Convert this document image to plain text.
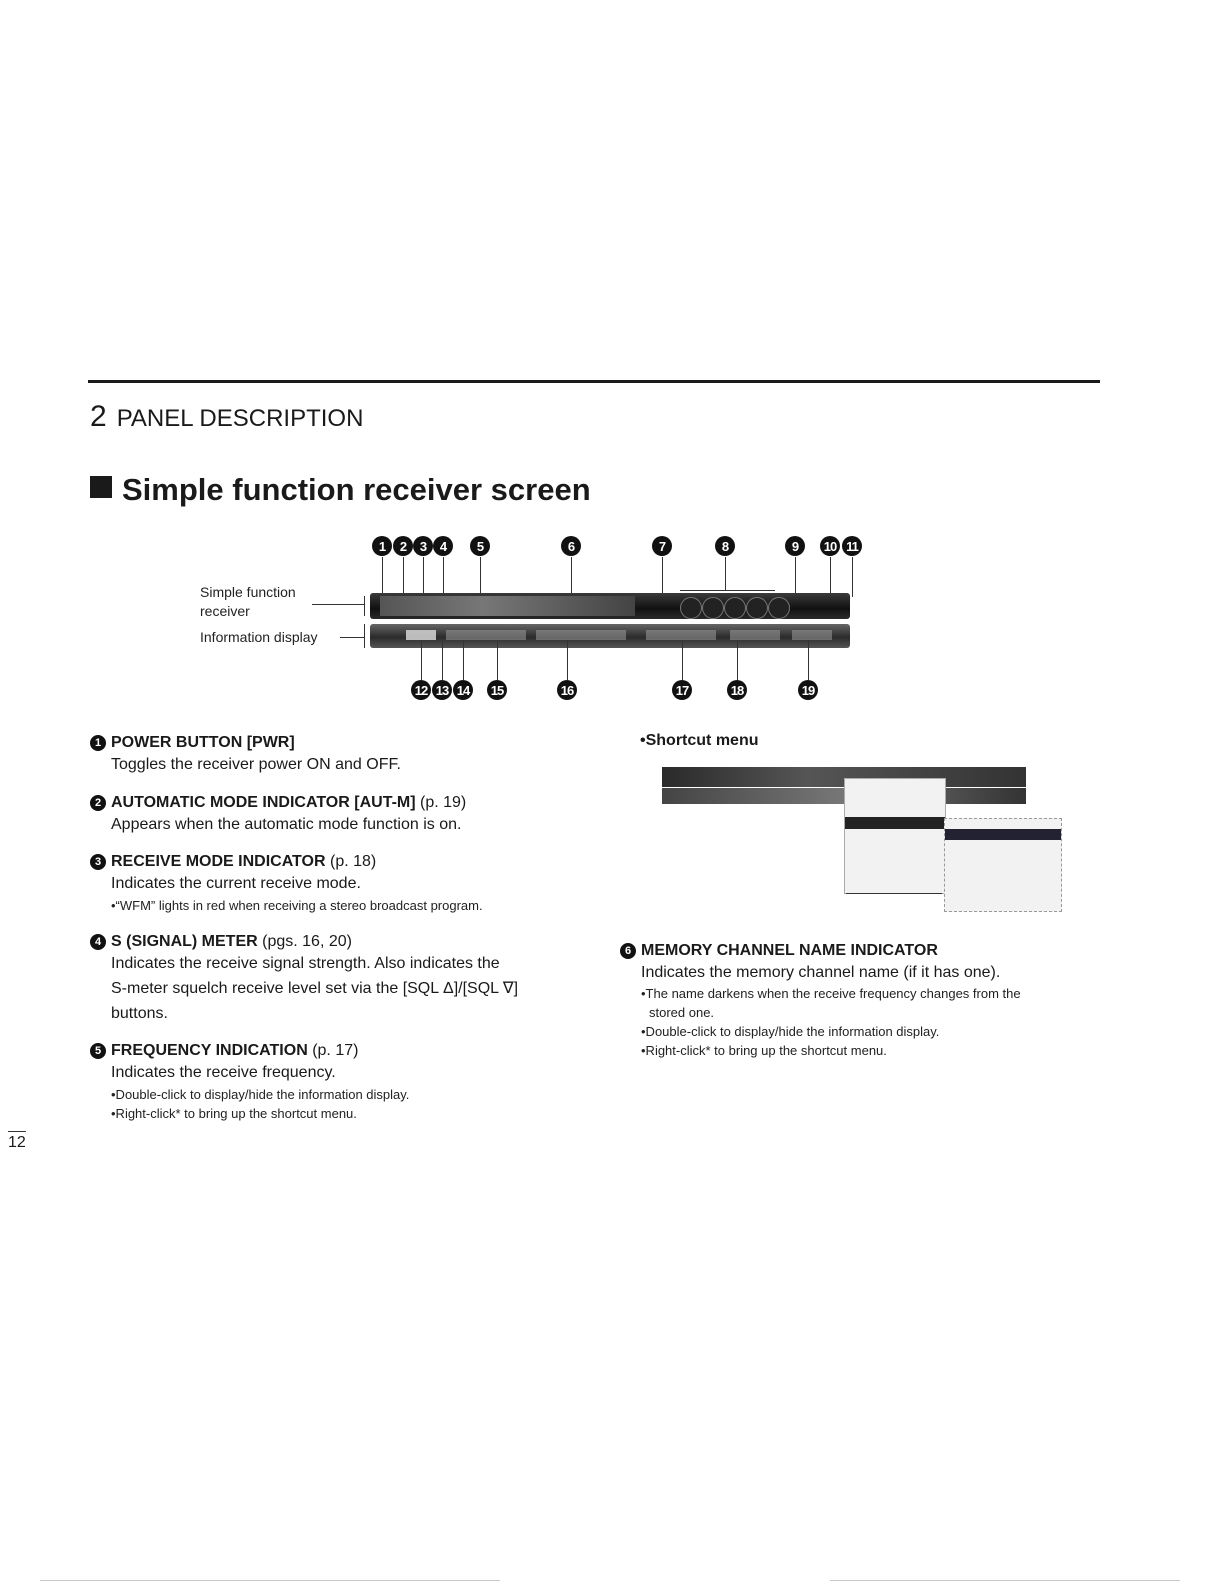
2 PANEL DESCRIPTION
Simple function receiver screen
1	2	3	4	5	6	7	8	9	10 11
Simple function
receiver
Information display
12 13 14 15	16	17	18	19
1 POWER BUTTON [PWR]
Toggles the receiver power ON and OFF.
2 AUTOMATIC MODE INDICATOR [AUT-M] (p. 19)
Appears when the automatic mode function is on.
3 RECEIVE MODE INDICATOR (p. 18)
Indicates the current receive mode.
•“WFM” lights in red when receiving a stereo broadcast program.
4 S (SIGNAL) METER (pgs. 16, 20)
Indicates the receive signal strength. Also indicates the
S-meter squelch receive level set via the [SQL Δ]/[SQL ∇]
buttons.
5 FREQUENCY INDICATION (p. 17)
Indicates the receive frequency.
•Double-click to display/hide the information display.
•Right-click* to bring up the shortcut menu.
•Shortcut menu
6 MEMORY CHANNEL NAME INDICATOR
Indicates the memory channel name (if it has one).
•The name darkens when the receive frequency changes from the
stored one.
•Double-click to display/hide the information display.
•Right-click* to bring up the shortcut menu.
12
